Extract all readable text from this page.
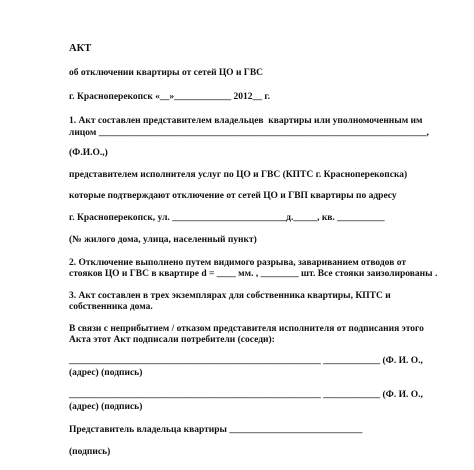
АКТ
об отключении квартиры от сетей ЦО и ГВС
г. Красноперекопск «__»____________ 2012__ г.
1. Акт составлен представителем владельцев  квартиры или уполномоченным им
лицом _____________________________________________________________________,
(Ф.И.О.,)
представителем исполнителя услуг по ЦО и ГВС (КПТС г. Красноперекопска)
которые подтверждают отключение от сетей ЦО и ГВП квартиры по адресу
г. Красноперекопск, ул. ________________________д._____, кв. __________
(№ жилого дома, улица, населенный пункт)
2. Отключение выполнено путем видимого разрыва, завариванием отводов от
стояков ЦО и ГВС в квартире d = ____ мм. , ________ шт. Все стояки заизолированы .
3. Акт составлен в трех экземплярах для собственника квартиры, КПТС и
собственника дома.
В связи с неприбытием / отказом представителя исполнителя от подписания этого
Акта этот Акт подписали потребители (соседи):
_____________________________________________________ ____________ (Ф. И. О.,
(адрес) (подпись)
_____________________________________________________ ____________ (Ф. И. О.,
(адрес) (подпись)
Представитель владельца квартиры ____________________________
(подпись)
